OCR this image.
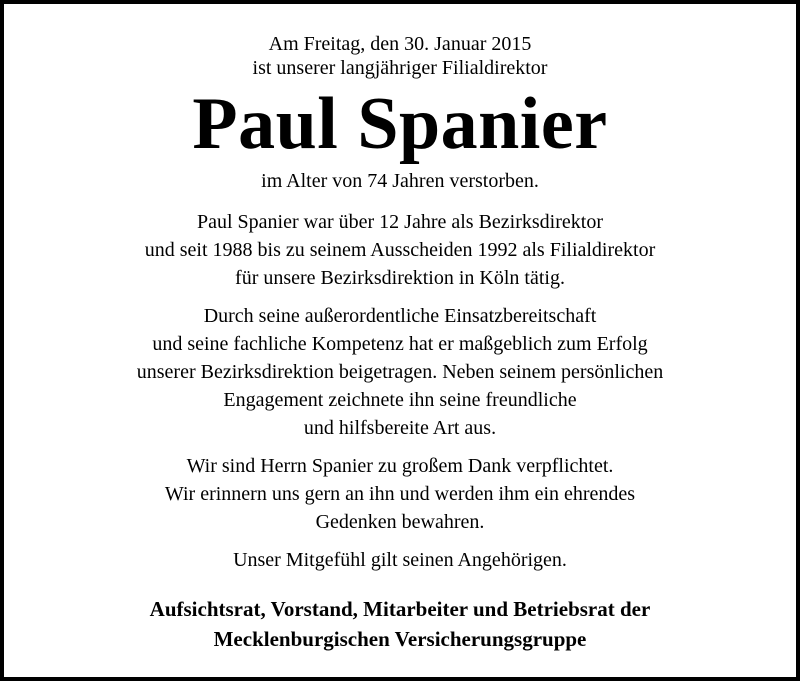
Am Freitag, den 30. Januar 2015
ist unserer langjähriger Filialdirektor
Paul Spanier
im Alter von 74 Jahren verstorben.
Paul Spanier war über 12 Jahre als Bezirksdirektor
und seit 1988 bis zu seinem Ausscheiden 1992 als Filialdirektor
für unsere Bezirksdirektion in Köln tätig.
Durch seine außerordentliche Einsatzbereitschaft
und seine fachliche Kompetenz hat er maßgeblich zum Erfolg
unserer Bezirksdirektion beigetragen. Neben seinem persönlichen
Engagement zeichnete ihn seine freundliche
und hilfsbereite Art aus.
Wir sind Herrn Spanier zu großem Dank verpflichtet.
Wir erinnern uns gern an ihn und werden ihm ein ehrendes
Gedenken bewahren.
Unser Mitgefühl gilt seinen Angehörigen.
Aufsichtsrat, Vorstand, Mitarbeiter und Betriebsrat der
Mecklenburgischen Versicherungsgruppe
